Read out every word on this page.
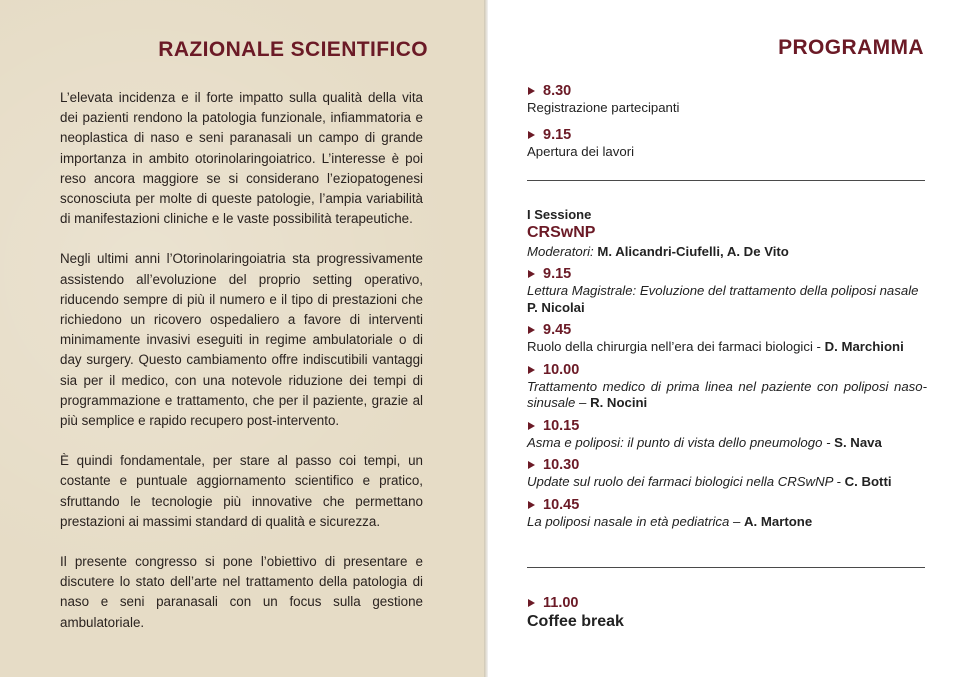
RAZIONALE SCIENTIFICO

L’elevata incidenza e il forte impatto sulla qualità della vita dei pazienti rendono la patologia funzionale, infiammatoria e neoplastica di naso e seni paranasali un campo di grande importanza in ambito otorinolaringoiatrico. L’interesse è poi reso ancora maggiore se si considerano l’eziopatogenesi sconosciuta per molte di queste patologie, l’ampia variabilità di manifestazioni cliniche e le vaste possibilità terapeutiche.

Negli ultimi anni l’Otorinolaringoiatria sta progressivamente assistendo all’evoluzione del proprio setting operativo, riducendo sempre di più il numero e il tipo di prestazioni che richiedono un ricovero ospedaliero a favore di interventi minimamente invasivi eseguiti in regime ambulatoriale o di day surgery. Questo cambiamento offre indiscutibili vantaggi sia per il medico, con una notevole riduzione dei tempi di programmazione e trattamento, che per il paziente, grazie al più semplice e rapido recupero post-intervento.

È quindi fondamentale, per stare al passo coi tempi, un costante e puntuale aggiornamento scientifico e pratico, sfruttando le tecnologie più innovative che permettano prestazioni ai massimi standard di qualità e sicurezza.

Il presente congresso si pone l’obiettivo di presentare e discutere lo stato dell’arte nel trattamento della patologia di naso e seni paranasali con un focus sulla gestione ambulatoriale.

PROGRAMMA
8.30
Registrazione partecipanti
9.15
Apertura dei lavori
I Sessione
CRSwNP
Moderatori: M. Alicandri-Ciufelli, A. De Vito
9.15
Lettura Magistrale: Evoluzione del trattamento della poliposi nasale
P. Nicolai
9.45
Ruolo della chirurgia nell’era dei farmaci biologici - D. Marchioni
10.00
Trattamento medico di prima linea nel paziente con poliposi naso-sinusale – R. Nocini
10.15
Asma e poliposi: il punto di vista dello pneumologo - S. Nava
10.30
Update sul ruolo dei farmaci biologici nella CRSwNP - C. Botti
10.45
La poliposi nasale in età pediatrica – A. Martone
11.00
Coffee break
